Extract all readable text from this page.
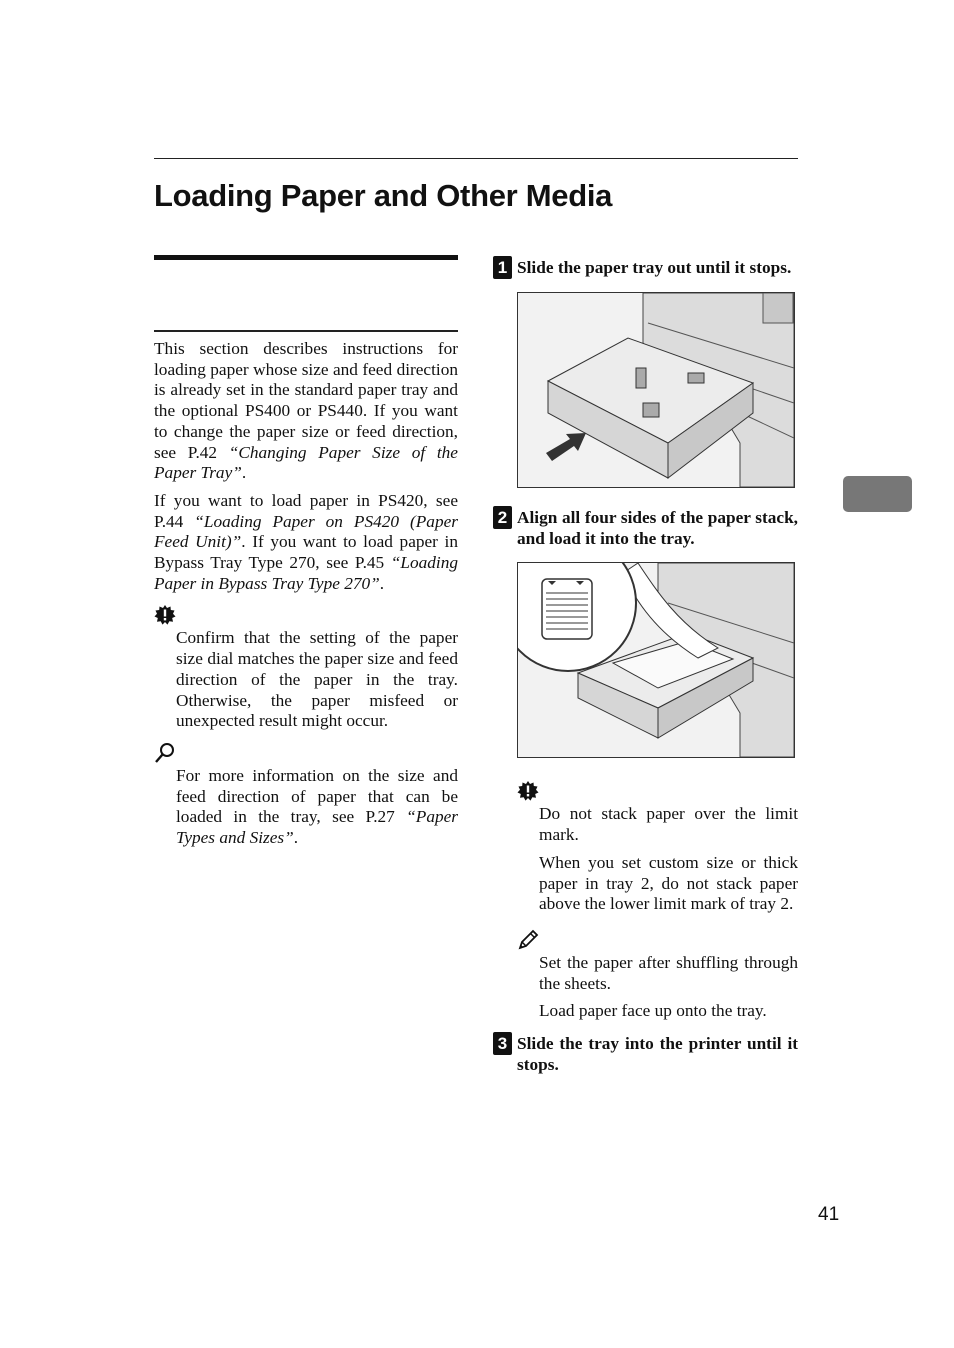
Loading Paper and Other Media

This section describes instructions for loading paper whose size and feed direction is already set in the standard paper tray and the optional PS400 or PS440. If you want to change the paper size or feed direction, see P.42 “Changing Paper Size of the Paper Tray”.

If you want to load paper in PS420, see P.44 “Loading Paper on PS420 (Paper Feed Unit)”. If you want to load paper in Bypass Tray Type 270, see P.45 “Loading Paper in Bypass Tray Type 270”.

Confirm that the setting of the paper size dial matches the paper size and feed direction of the paper in the tray. Otherwise, the paper misfeed or unexpected result might occur.

For more information on the size and feed direction of paper that can be loaded in the tray, see P.27 “Paper Types and Sizes”.

1 Slide the paper tray out until it stops.
2 Align all four sides of the paper stack, and load it into the tray.

Do not stack paper over the limit mark.

When you set custom size or thick paper in tray 2, do not stack paper above the lower limit mark of tray 2.

Set the paper after shuffling through the sheets.

Load paper face up onto the tray.

3 Slide the tray into the printer until it stops.
41
